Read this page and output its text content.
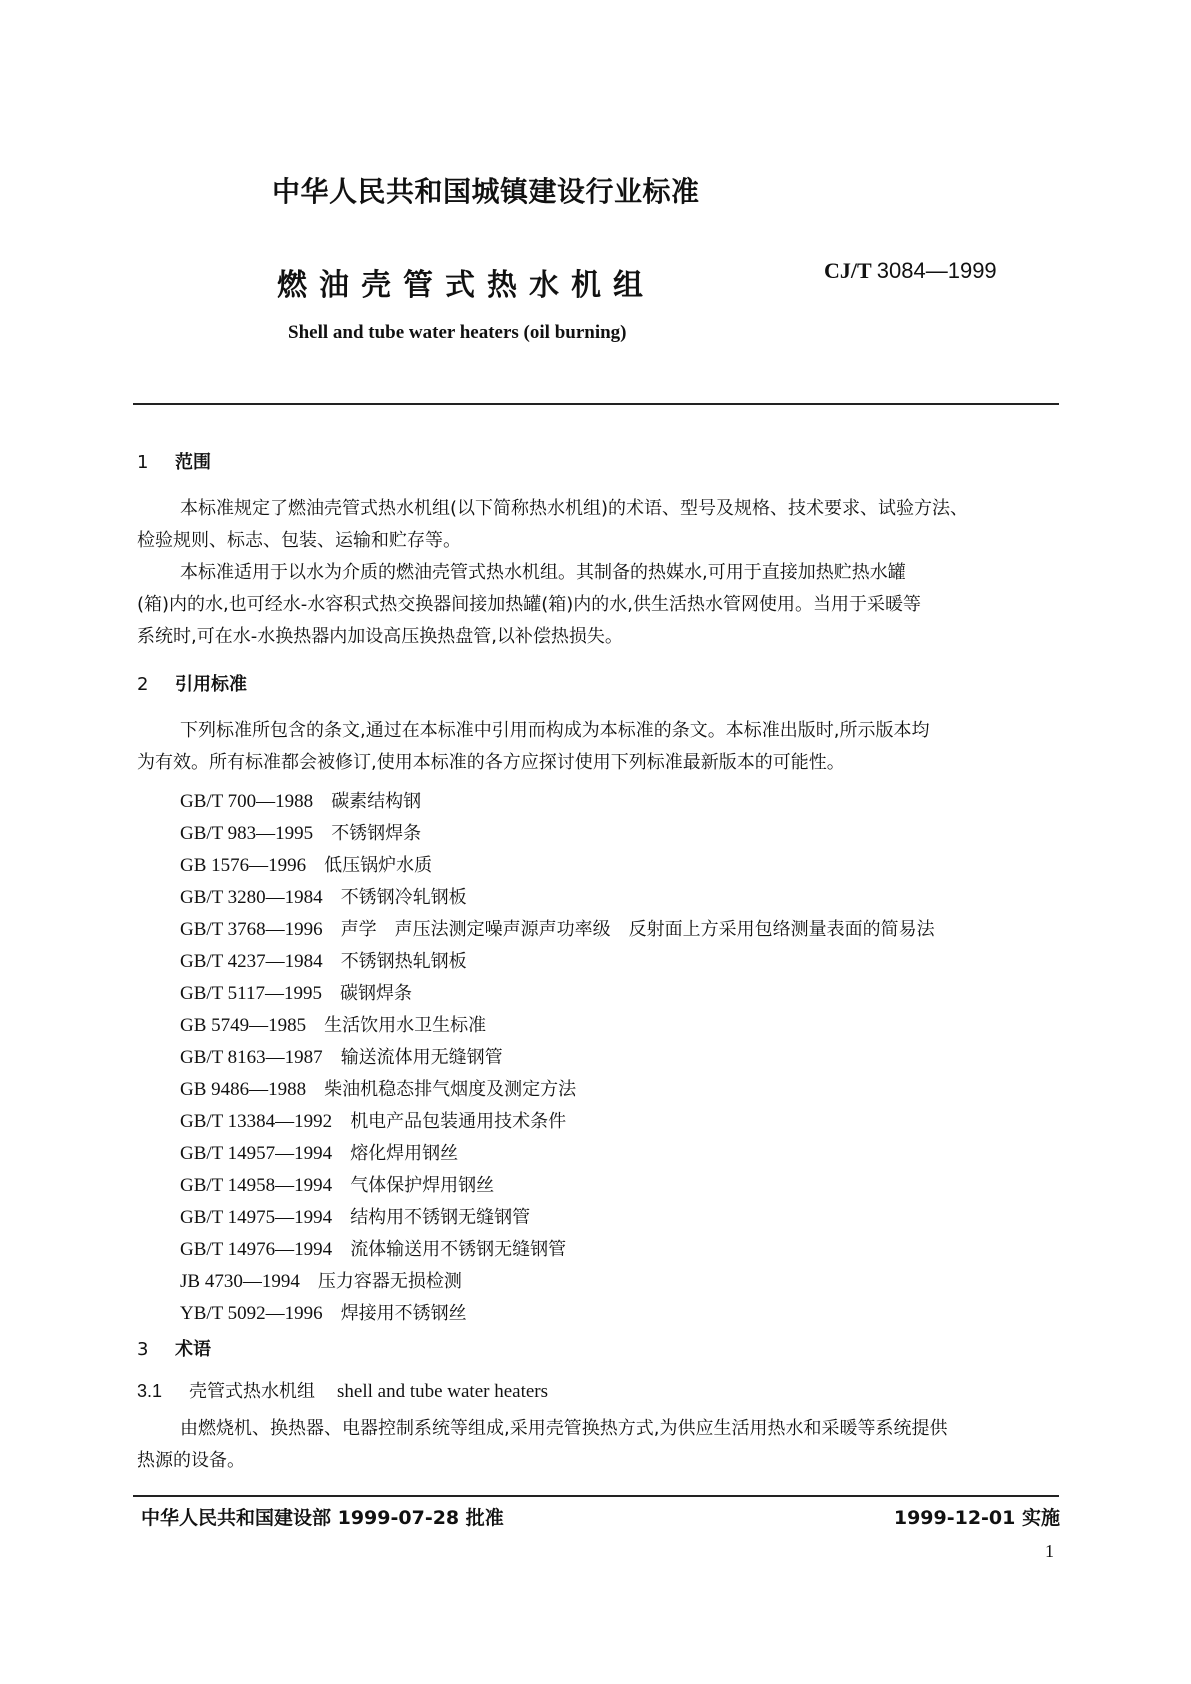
中华人民共和国城镇建设行业标准
燃油壳管式热水机组	CJ/T 3084—1999
Shell and tube water heaters (oil burning)
1 范围
本标准规定了燃油壳管式热水机组(以下简称热水机组)的术语、型号及规格、技术要求、试验方法、
检验规则、标志、包装、运输和贮存等。
本标准适用于以水为介质的燃油壳管式热水机组。其制备的热媒水,可用于直接加热贮热水罐
(箱)内的水,也可经水-水容积式热交换器间接加热罐(箱)内的水,供生活热水管网使用。当用于采暖等
系统时,可在水-水换热器内加设高压换热盘管,以补偿热损失。
2 引用标准
下列标准所包含的条文,通过在本标准中引用而构成为本标准的条文。本标准出版时,所示版本均
为有效。所有标准都会被修订,使用本标准的各方应探讨使用下列标准最新版本的可能性。
GB/T 700—1988 碳素结构钢
GB/T 983—1995 不锈钢焊条
GB 1576—1996 低压锅炉水质
GB/T 3280—1984 不锈钢冷轧钢板
GB/T 3768—1996 声学　声压法测定噪声源声功率级　反射面上方采用包络测量表面的简易法
GB/T 4237—1984 不锈钢热轧钢板
GB/T 5117—1995 碳钢焊条
GB 5749—1985 生活饮用水卫生标准
GB/T 8163—1987 输送流体用无缝钢管
GB 9486—1988 柴油机稳态排气烟度及测定方法
GB/T 13384—1992 机电产品包装通用技术条件
GB/T 14957—1994 熔化焊用钢丝
GB/T 14958—1994 气体保护焊用钢丝
GB/T 14975—1994 结构用不锈钢无缝钢管
GB/T 14976—1994 流体输送用不锈钢无缝钢管
JB 4730—1994 压力容器无损检测
YB/T 5092—1996 焊接用不锈钢丝
3 术语
3.1 壳管式热水机组 shell and tube water heaters
由燃烧机、换热器、电器控制系统等组成,采用壳管换热方式,为供应生活用热水和采暖等系统提供
热源的设备。
中华人民共和国建设部 1999-07-28 批准	1999-12-01 实施
1
